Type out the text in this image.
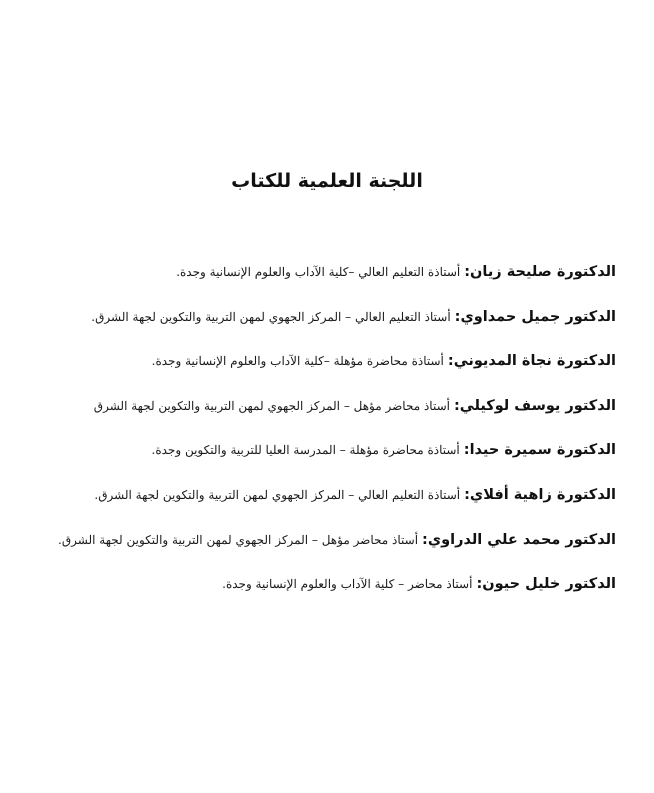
اللجنة العلمية للكتاب
الدكتورة صليحة زيان:أستاذة التعليم العالي –كلية الآداب والعلوم الإنسانية وجدة.
الدكتور جميل حمداوي:أستاذ التعليم العالي – المركز الجهوي لمهن التربية والتكوين لجهة الشرق.
الدكتورة نجاة المديوني:أستاذة محاضرة مؤهلة –كلية الآداب والعلوم الإنسانية وجدة.
الدكتور يوسف لوكيلي:أستاذ محاضر مؤهل – المركز الجهوي لمهن التربية والتكوين لجهة الشرق
الدكتورة سميرة حيدا:أستاذة محاضرة مؤهلة – المدرسة العليا للتربية والتكوين وجدة.
الدكتورة زاهية أفلاي:أستاذة التعليم العالي – المركز الجهوي لمهن التربية والتكوين لجهة الشرق.
الدكتور محمد علي الدراوي:أستاذ محاضر مؤهل – المركز الجهوي لمهن التربية والتكوين لجهة الشرق.
الدكتور خليل حيون:أستاذ محاضر – كلية الآداب والعلوم الإنسانية وجدة.
